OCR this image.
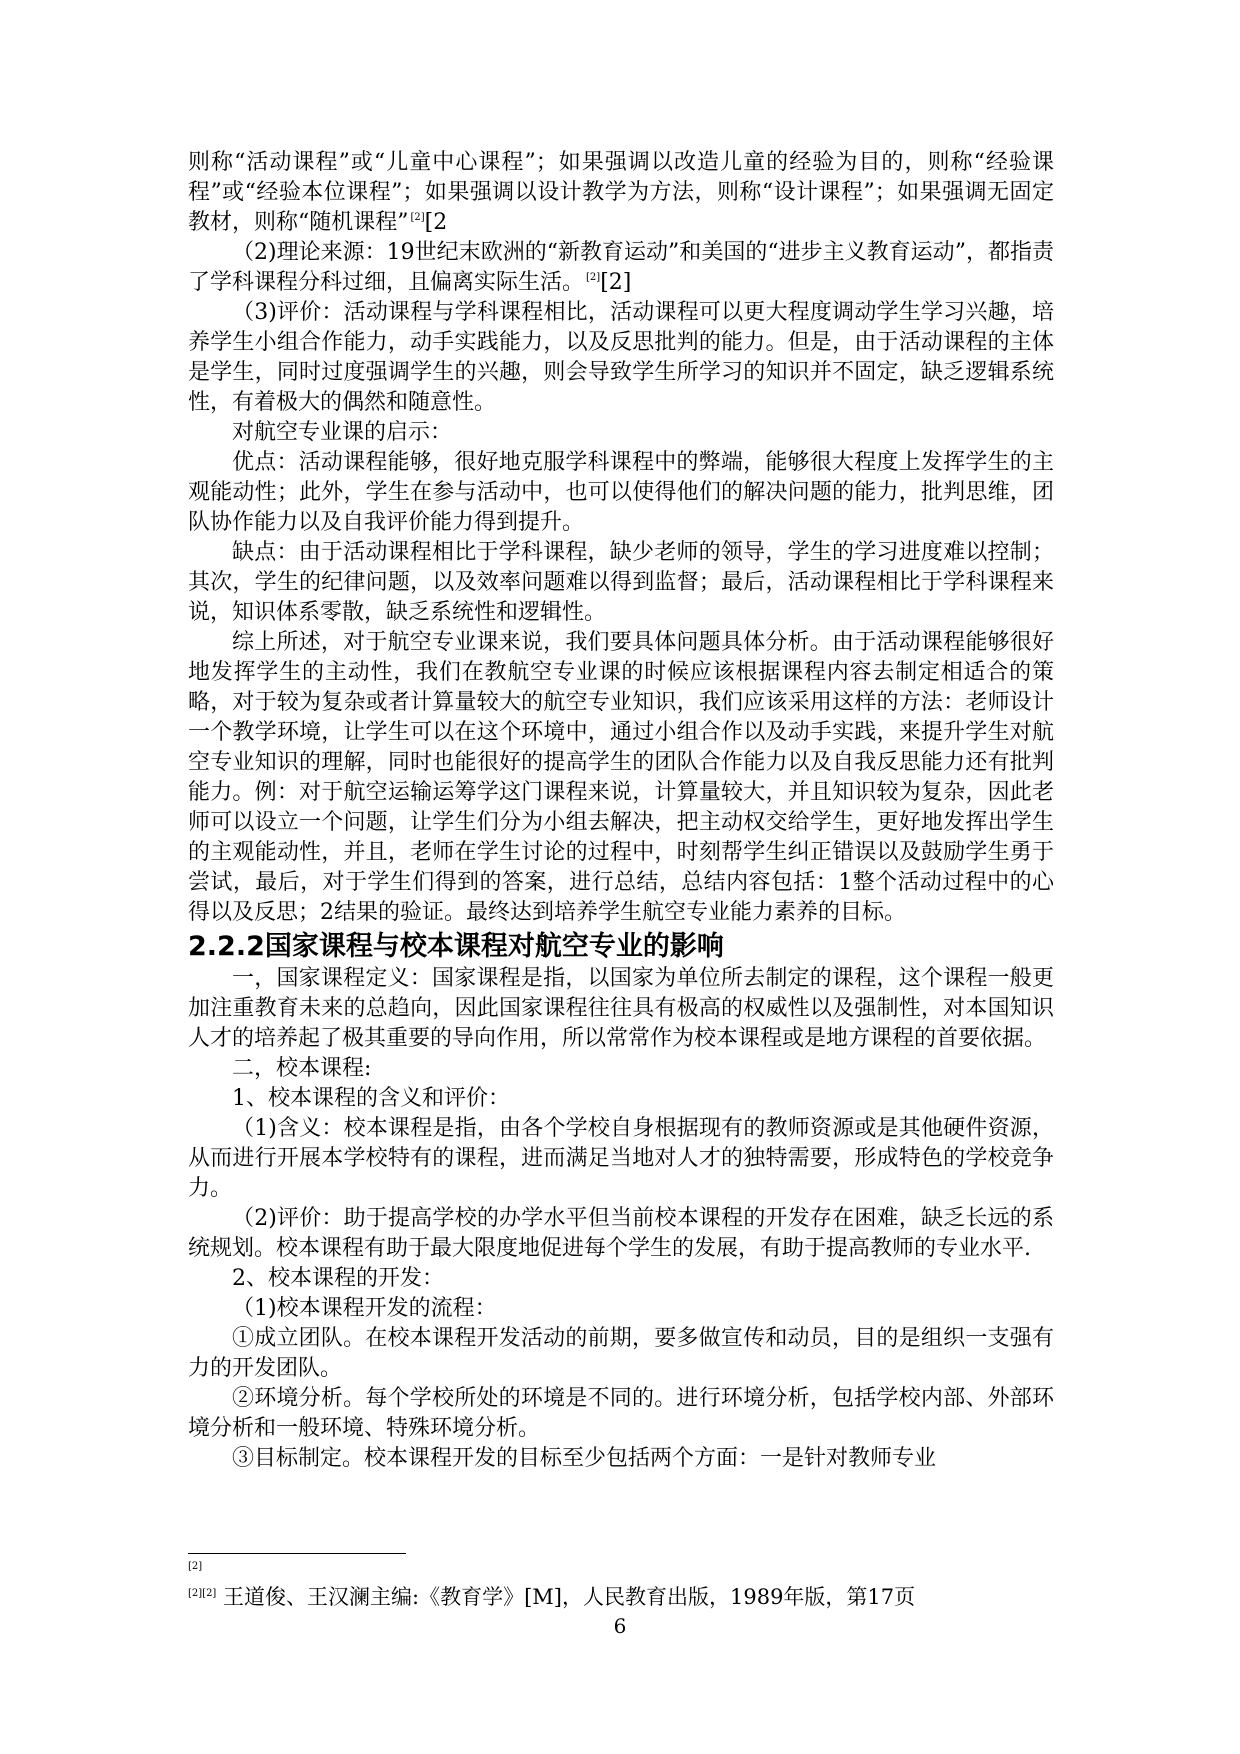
则称“活动课程”或“儿童中心课程”；如果强调以改造儿童的经验为目的，则称“经验课程”或“经验本位课程”；如果强调以设计教学为方法，则称“设计课程”；如果强调无固定教材，则称“随机课程” [2][2

（2)理论来源：19世纪末欧洲的“新教育运动”和美国的“进步主义教育运动”，都指责了学科课程分科过细，且偏离实际生活。 [2][2]

（3)评价：活动课程与学科课程相比，活动课程可以更大程度调动学生学习兴趣，培养学生小组合作能力，动手实践能力，以及反思批判的能力。但是，由于活动课程的主体是学生，同时过度强调学生的兴趣，则会导致学生所学习的知识并不固定，缺乏逻辑系统性，有着极大的偶然和随意性。

对航空专业课的启示：

优点：活动课程能够，很好地克服学科课程中的弊端，能够很大程度上发挥学生的主观能动性；此外，学生在参与活动中，也可以使得他们的解决问题的能力，批判思维，团队协作能力以及自我评价能力得到提升。

缺点：由于活动课程相比于学科课程，缺少老师的领导，学生的学习进度难以控制；其次，学生的纪律问题，以及效率问题难以得到监督；最后，活动课程相比于学科课程来说，知识体系零散，缺乏系统性和逻辑性。

综上所述，对于航空专业课来说，我们要具体问题具体分析。由于活动课程能够很好地发挥学生的主动性，我们在教航空专业课的时候应该根据课程内容去制定相适合的策略，对于较为复杂或者计算量较大的航空专业知识，我们应该采用这样的方法：老师设计一个教学环境，让学生可以在这个环境中，通过小组合作以及动手实践，来提升学生对航空专业知识的理解，同时也能很好的提高学生的团队合作能力以及自我反思能力还有批判能力。例：对于航空运输运筹学这门课程来说，计算量较大，并且知识较为复杂，因此老师可以设立一个问题，让学生们分为小组去解决，把主动权交给学生，更好地发挥出学生的主观能动性，并且，老师在学生讨论的过程中，时刻帮学生纠正错误以及鼓励学生勇于尝试，最后，对于学生们得到的答案，进行总结，总结内容包括：1整个活动过程中的心得以及反思；2结果的验证。最终达到培养学生航空专业能力素养的目标。

2.2.2国家课程与校本课程对航空专业的影响

一，国家课程定义：国家课程是指，以国家为单位所去制定的课程，这个课程一般更加注重教育未来的总趋向，因此国家课程往往具有极高的权威性以及强制性，对本国知识人才的培养起了极其重要的导向作用，所以常常作为校本课程或是地方课程的首要依据。

二，校本课程:

1、校本课程的含义和评价：

（1)含义：校本课程是指，由各个学校自身根据现有的教师资源或是其他硬件资源，从而进行开展本学校特有的课程，进而满足当地对人才的独特需要，形成特色的学校竞争力。

（2)评价：助于提高学校的办学水平但当前校本课程的开发存在困难，缺乏长远的系统规划。校本课程有助于最大限度地促进每个学生的发展，有助于提高教师的专业水平.

2、校本课程的开发：

（1)校本课程开发的流程：

①成立团队。在校本课程开发活动的前期，要多做宣传和动员，目的是组织一支强有力的开发团队。

②环境分析。每个学校所处的环境是不同的。进行环境分析，包括学校内部、外部环境分析和一般环境、特殊环境分析。

③目标制定。校本课程开发的目标至少包括两个方面：一是针对教师专业

[2]
[2][2] 王道俊、王汉澜主编:《教育学》[M]，人民教育出版，1989年版，第17页
6
